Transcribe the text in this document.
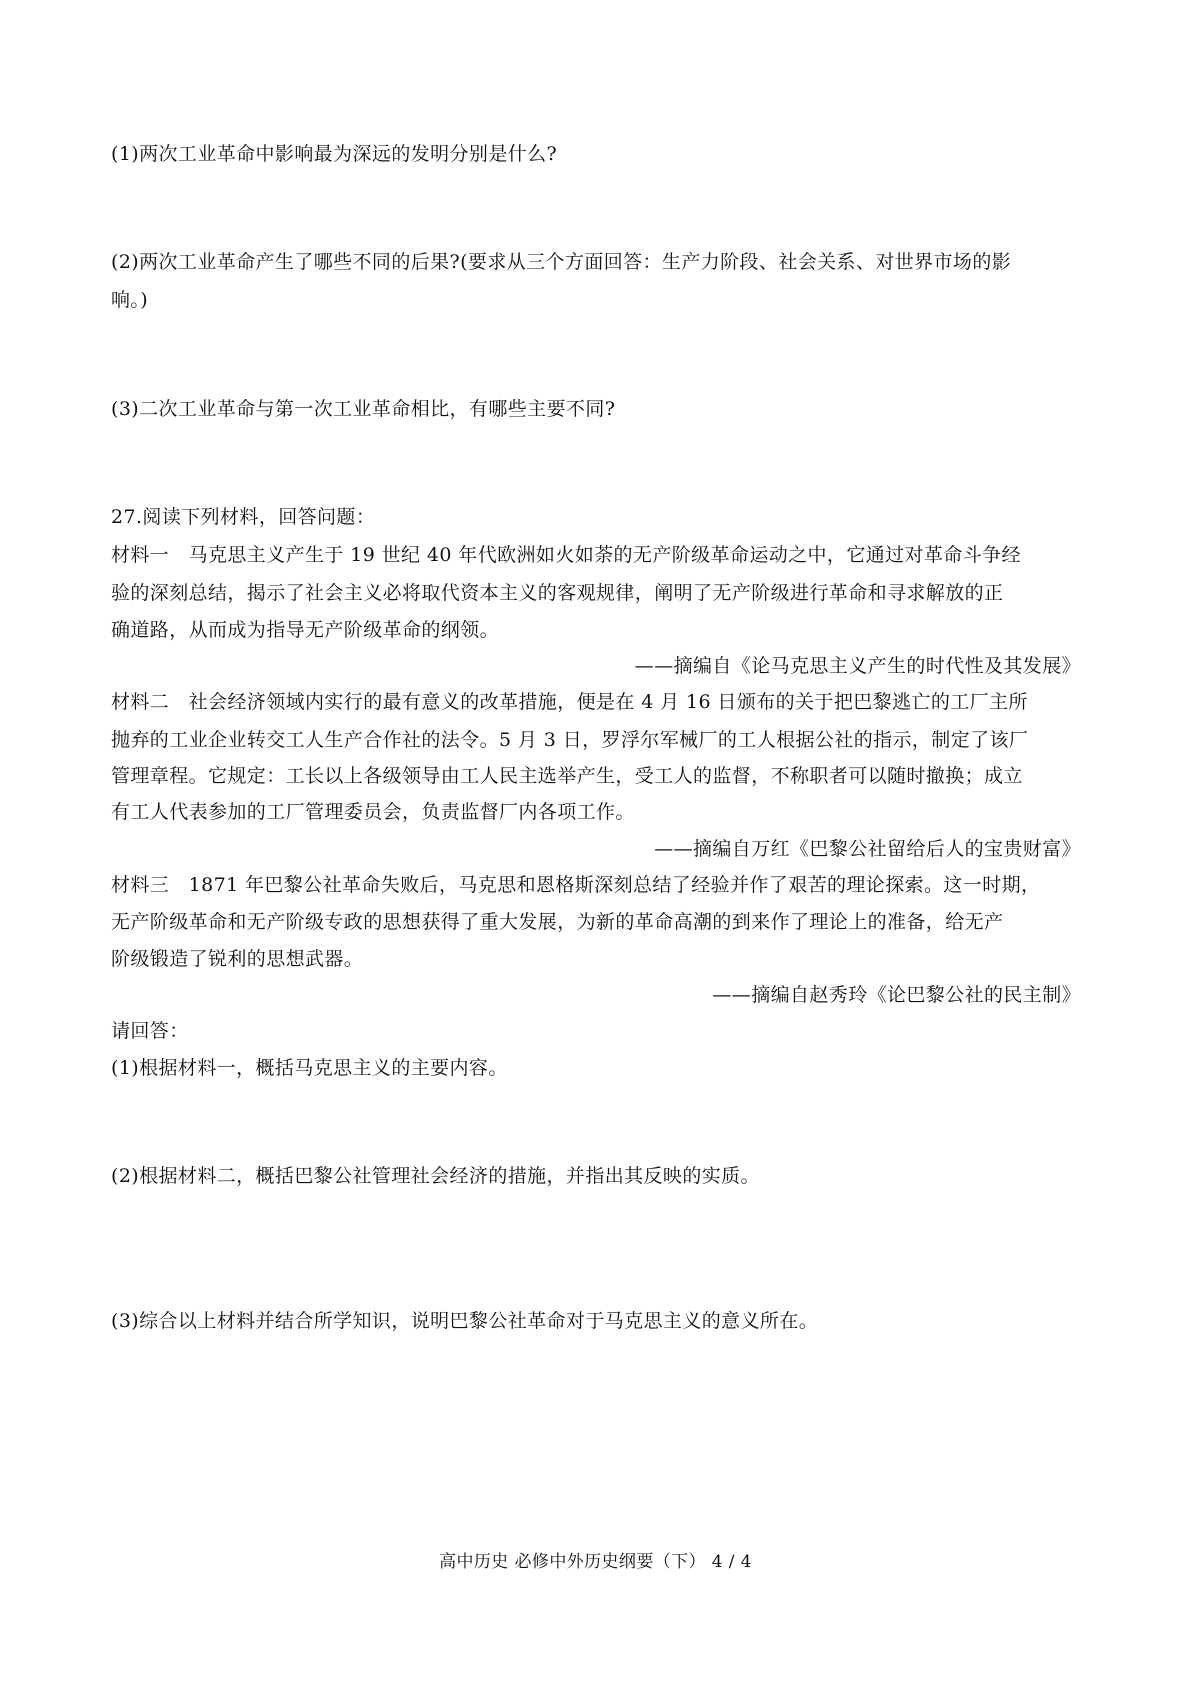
(1)两次工业革命中影响最为深远的发明分别是什么?
(2)两次工业革命产生了哪些不同的后果?(要求从三个方面回答：生产力阶段、社会关系、对世界市场的影
响。)
(3)二次工业革命与第一次工业革命相比，有哪些主要不同?
27.阅读下列材料，回答问题：
材料一　马克思主义产生于 19 世纪 40 年代欧洲如火如荼的无产阶级革命运动之中，它通过对革命斗争经
验的深刻总结，揭示了社会主义必将取代资本主义的客观规律，阐明了无产阶级进行革命和寻求解放的正
确道路，从而成为指导无产阶级革命的纲领。
——摘编自《论马克思主义产生的时代性及其发展》
材料二　社会经济领域内实行的最有意义的改革措施，便是在 4 月 16 日颁布的关于把巴黎逃亡的工厂主所
抛弃的工业企业转交工人生产合作社的法令。5 月 3 日，罗浮尔军械厂的工人根据公社的指示，制定了该厂
管理章程。它规定：工长以上各级领导由工人民主选举产生，受工人的监督，不称职者可以随时撤换；成立
有工人代表参加的工厂管理委员会，负责监督厂内各项工作。
——摘编自万红《巴黎公社留给后人的宝贵财富》
材料三　1871 年巴黎公社革命失败后，马克思和恩格斯深刻总结了经验并作了艰苦的理论探索。这一时期，
无产阶级革命和无产阶级专政的思想获得了重大发展，为新的革命高潮的到来作了理论上的准备，给无产
阶级锻造了锐利的思想武器。
——摘编自赵秀玲《论巴黎公社的民主制》
请回答：
(1)根据材料一，概括马克思主义的主要内容。
(2)根据材料二，概括巴黎公社管理社会经济的措施，并指出其反映的实质。
(3)综合以上材料并结合所学知识，说明巴黎公社革命对于马克思主义的意义所在。
高中历史 必修中外历史纲要（下） 4 / 4
